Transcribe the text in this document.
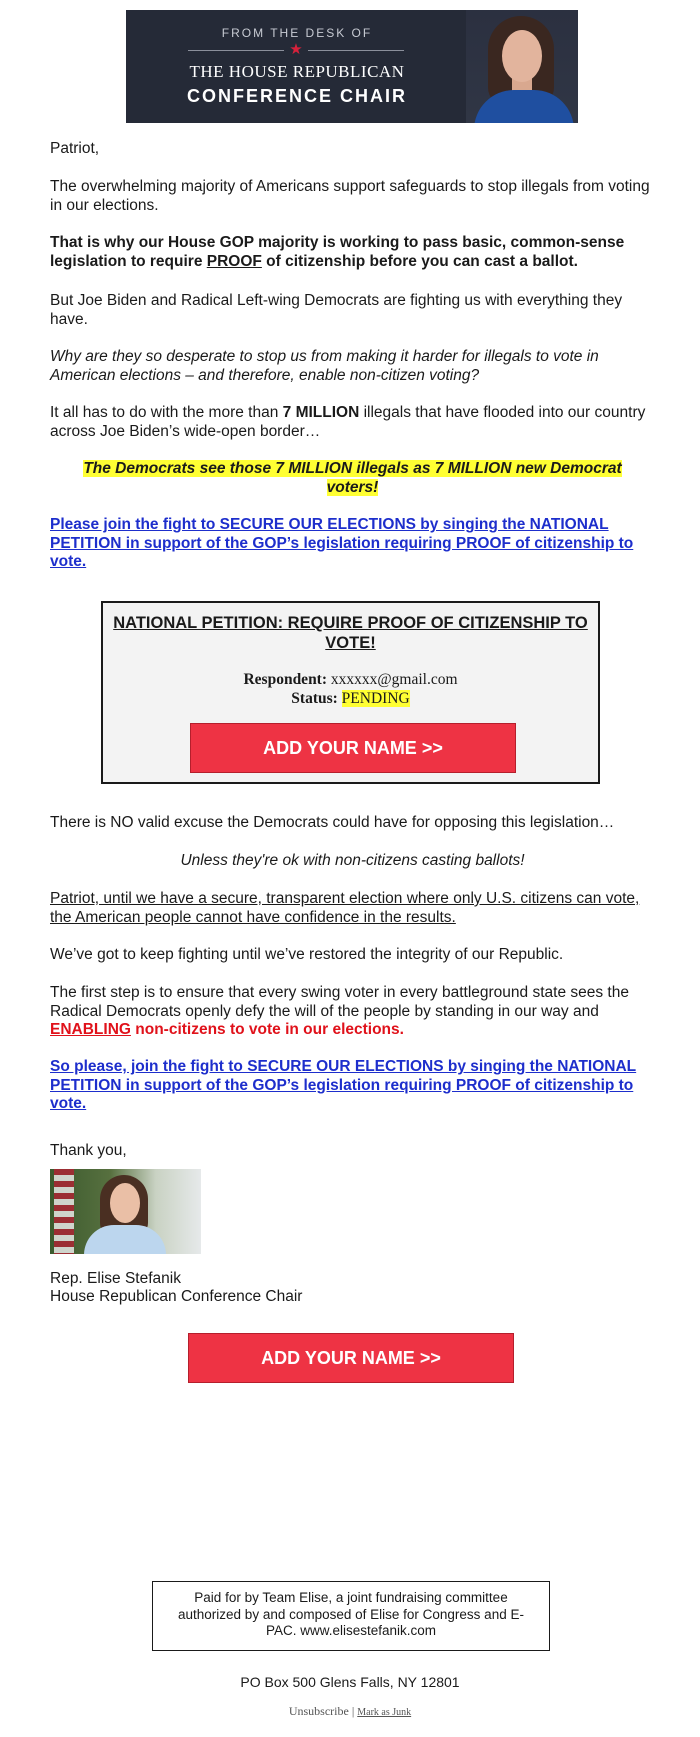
FROM THE DESK OF
★
THE HOUSE REPUBLICAN
CONFERENCE CHAIR

Patriot,

The overwhelming majority of Americans support safeguards to stop illegals from voting in our elections.

That is why our House GOP majority is working to pass basic, common-sense legislation to require PROOF of citizenship before you can cast a ballot.

But Joe Biden and Radical Left-wing Democrats are fighting us with everything they have.

Why are they so desperate to stop us from making it harder for illegals to vote in American elections – and therefore, enable non-citizen voting?

It all has to do with the more than 7 MILLION illegals that have flooded into our country across Joe Biden’s wide-open border…

The Democrats see those 7 MILLION illegals as 7 MILLION new Democrat voters!

Please join the fight to SECURE OUR ELECTIONS by singing the NATIONAL PETITION in support of the GOP’s legislation requiring PROOF of citizenship to vote.

NATIONAL PETITION: REQUIRE PROOF OF CITIZENSHIP TO VOTE!
Respondent: xxxxxx@gmail.com
Status: PENDING
ADD YOUR NAME >>

There is NO valid excuse the Democrats could have for opposing this legislation…

Unless they're ok with non-citizens casting ballots!

Patriot, until we have a secure, transparent election where only U.S. citizens can vote, the American people cannot have confidence in the results.

We’ve got to keep fighting until we’ve restored the integrity of our Republic.

The first step is to ensure that every swing voter in every battleground state sees the Radical Democrats openly defy the will of the people by standing in our way and ENABLING non-citizens to vote in our elections.

So please, join the fight to SECURE OUR ELECTIONS by singing the NATIONAL PETITION in support of the GOP’s legislation requiring PROOF of citizenship to vote.

Thank you,

Rep. Elise Stefanik

House Republican Conference Chair

ADD YOUR NAME >>
Paid for by Team Elise, a joint fundraising committee authorized by and composed of Elise for Congress and E-PAC. www.elisestefanik.com
PO Box 500 Glens Falls, NY 12801
Unsubscribe | Mark as Junk
